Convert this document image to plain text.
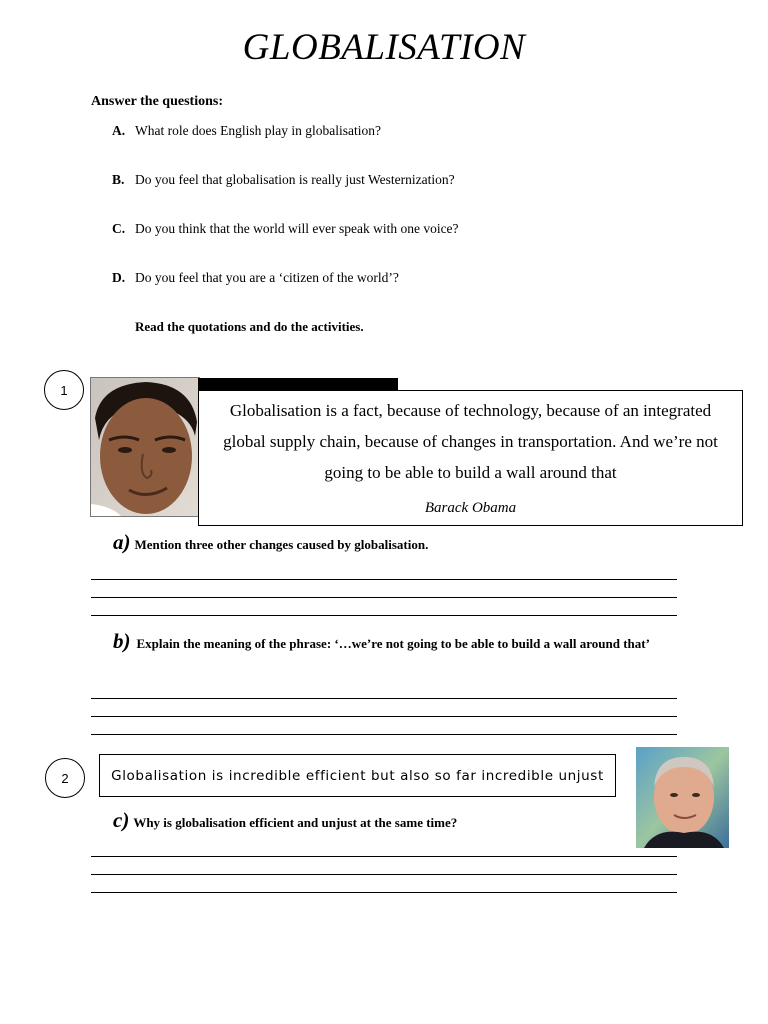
GLOBALISATION
Answer the questions:
A. What role does English play in globalisation?
B. Do you feel that globalisation is really just Westernization?
C. Do you think that the world will ever speak with one voice?
D. Do you feel that you are a ‘citizen of the world’?
Read the quotations and do the activities.
1
Globalisation is a fact, because of technology, because of an integrated global supply chain, because of changes in transportation. And we’re not going to be able to build a wall around that
Barack Obama
a) Mention three other changes caused by globalisation.
b) Explain the meaning of the phrase: ‘…we’re not going to be able to build a wall around that’
2	Globalisation is incredible efficient but also so far incredible unjust
c) Why is globalisation efficient and unjust at the same time?
